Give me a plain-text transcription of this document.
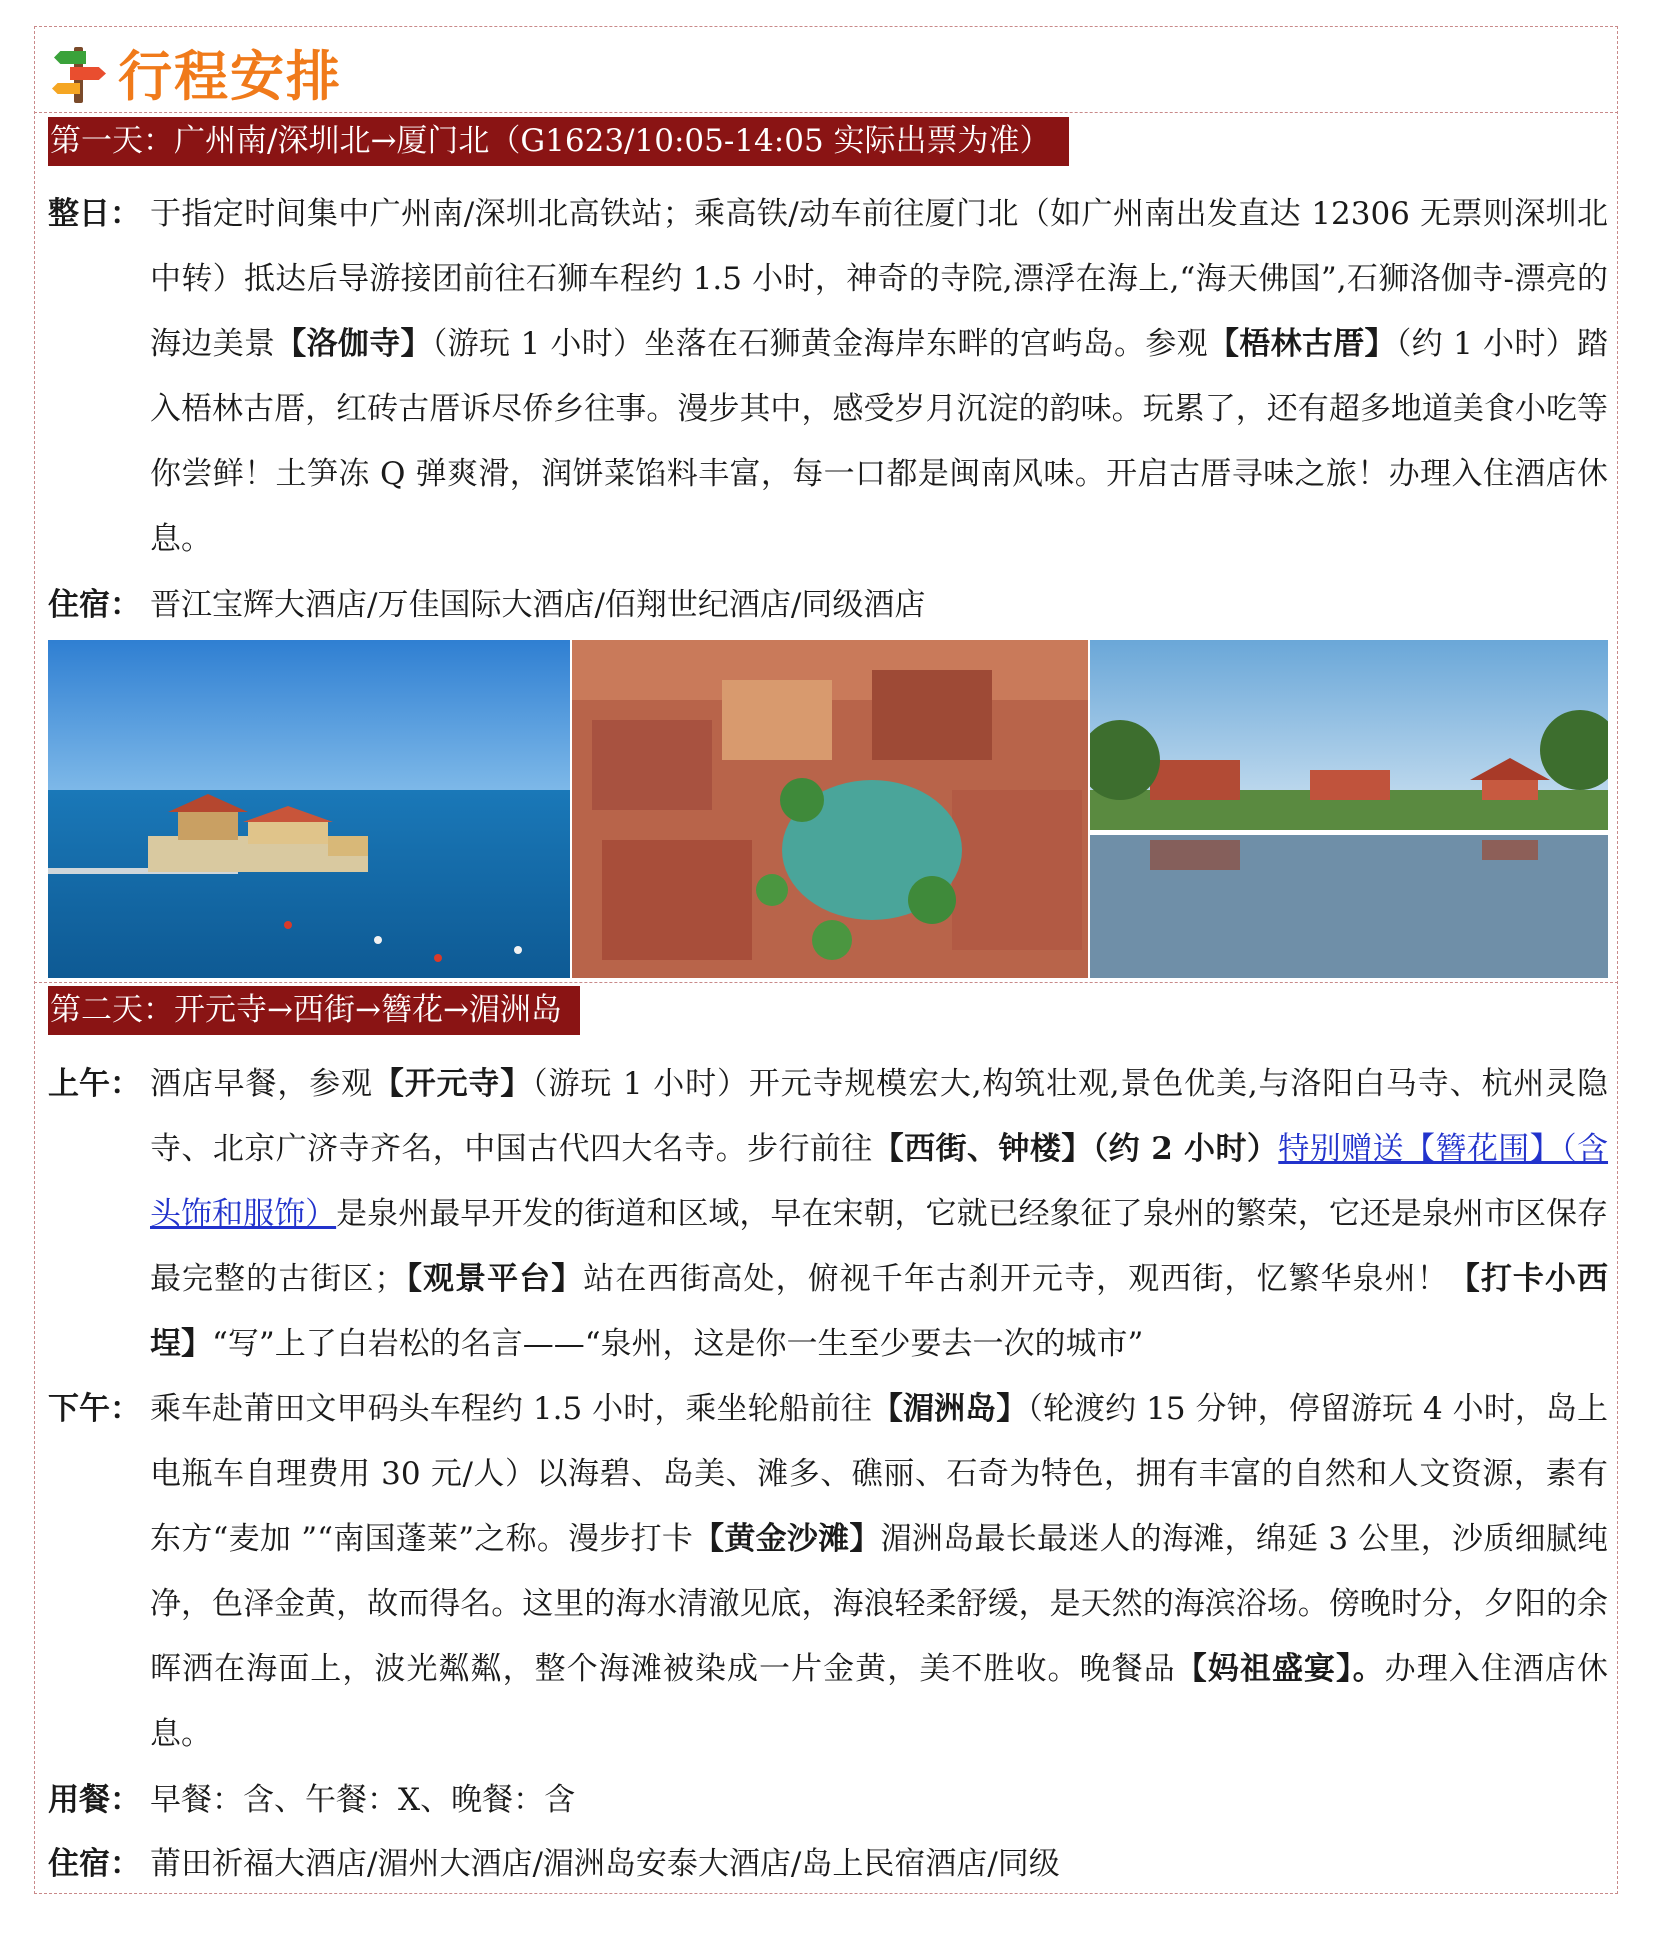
行程安排
第一天：广州南/深圳北→厦门北（G1623/10:05-14:05 实际出票为准）
整日： 于指定时间集中广州南/深圳北高铁站；乘高铁/动车前往厦门北（如广州南出发直达 12306 无票则深圳北中转）抵达后导游接团前往石狮车程约 1.5 小时，神奇的寺院,漂浮在海上,“海天佛国”,石狮洛伽寺-漂亮的海边美景【洛伽寺】（游玩 1 小时）坐落在石狮黄金海岸东畔的宫屿岛。参观【梧林古厝】（约 1 小时）踏入梧林古厝，红砖古厝诉尽侨乡往事。漫步其中，感受岁月沉淀的韵味。玩累了，还有超多地道美食小吃等你尝鲜！土笋冻 Q 弹爽滑，润饼菜馅料丰富，每一口都是闽南风味。开启古厝寻味之旅！办理入住酒店休息。
住宿： 晋江宝辉大酒店/万佳国际大酒店/佰翔世纪酒店/同级酒店
第二天：开元寺→西街→簪花→湄洲岛
上午： 酒店早餐，参观【开元寺】（游玩 1 小时）开元寺规模宏大,构筑壮观,景色优美,与洛阳白马寺、杭州灵隐寺、北京广济寺齐名，中国古代四大名寺。步行前往【西街、钟楼】（约 2 小时）特别赠送【簪花围】（含头饰和服饰）是泉州最早开发的街道和区域，早在宋朝，它就已经象征了泉州的繁荣，它还是泉州市区保存最完整的古街区；【观景平台】站在西街高处，俯视千年古刹开元寺，观西街，忆繁华泉州！【打卡小西埕】“写”上了白岩松的名言——“泉州，这是你一生至少要去一次的城市”
下午： 乘车赴莆田文甲码头车程约 1.5 小时，乘坐轮船前往【湄洲岛】（轮渡约 15 分钟，停留游玩 4 小时，岛上电瓶车自理费用 30 元/人）以海碧、岛美、滩多、礁丽、石奇为特色，拥有丰富的自然和人文资源，素有东方“麦加 ”“南国蓬莱”之称。漫步打卡【黄金沙滩】湄洲岛最长最迷人的海滩，绵延 3 公里，沙质细腻纯净，色泽金黄，故而得名。这里的海水清澈见底，海浪轻柔舒缓，是天然的海滨浴场。傍晚时分，夕阳的余晖洒在海面上，波光粼粼，整个海滩被染成一片金黄，美不胜收。晚餐品【妈祖盛宴】。办理入住酒店休息。
用餐： 早餐：含、午餐：X、晚餐：含
住宿： 莆田祈福大酒店/湄州大酒店/湄洲岛安泰大酒店/岛上民宿酒店/同级
